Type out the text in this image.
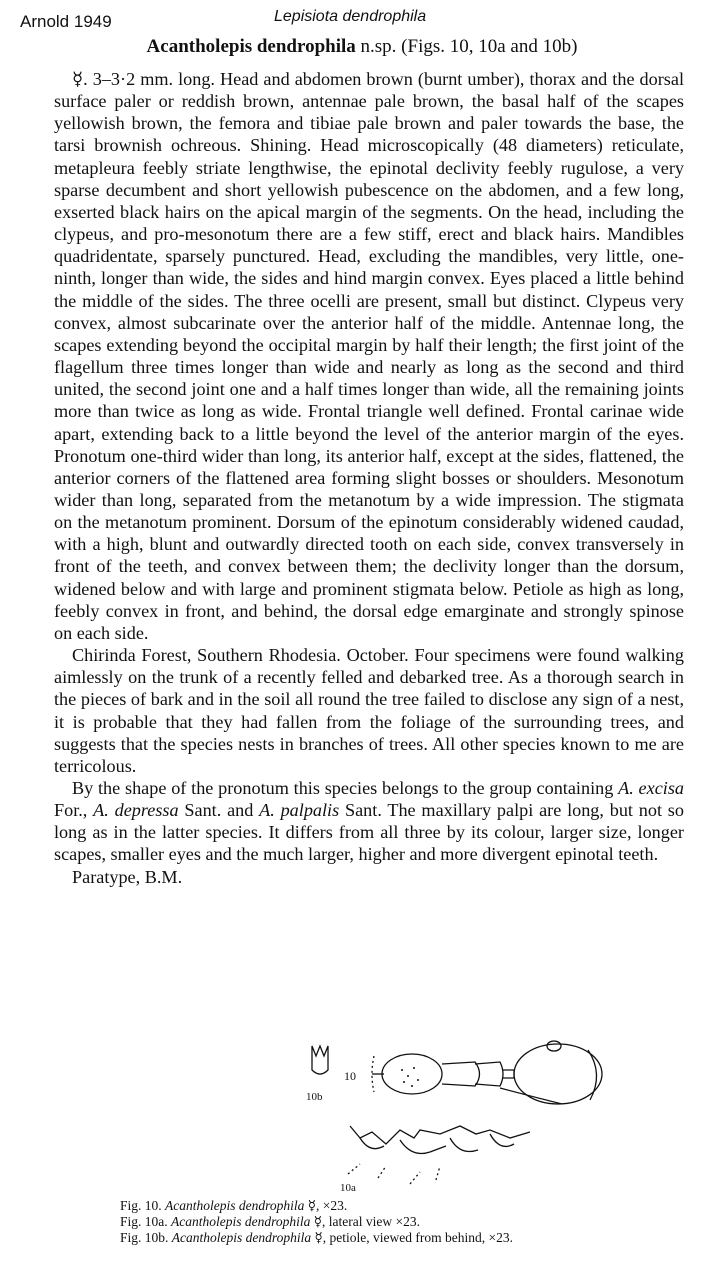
Arnold 1949	Lepisiota dendrophila
Acantholepis dendrophila n.sp. (Figs. 10, 10a and 10b)

☿. 3–3·2 mm. long. Head and abdomen brown (burnt umber), thorax and the dorsal surface paler or reddish brown, antennae pale brown, the basal half of the scapes yellowish brown, the femora and tibiae pale brown and paler towards the base, the tarsi brownish ochreous. Shining. Head microscopically (48 diameters) reticulate, metapleura feebly striate lengthwise, the epinotal declivity feebly rugulose, a very sparse decumbent and short yellowish pubescence on the abdomen, and a few long, exserted black hairs on the apical margin of the segments. On the head, including the clypeus, and pro-mesonotum there are a few stiff, erect and black hairs. Mandibles quadridentate, sparsely punctured. Head, excluding the mandibles, very little, one-ninth, longer than wide, the sides and hind margin convex. Eyes placed a little behind the middle of the sides. The three ocelli are present, small but distinct. Clypeus very convex, almost subcarinate over the anterior half of the middle. Antennae long, the scapes extending beyond the occipital margin by half their length; the first joint of the flagellum three times longer than wide and nearly as long as the second and third united, the second joint one and a half times longer than wide, all the remaining joints more than twice as long as wide. Frontal triangle well defined. Frontal carinae wide apart, extending back to a little beyond the level of the anterior margin of the eyes. Pronotum one-third wider than long, its anterior half, except at the sides, flattened, the anterior corners of the flattened area forming slight bosses or shoulders. Mesonotum wider than long, separated from the metanotum by a wide impression. The stigmata on the metanotum prominent. Dorsum of the epinotum considerably widened caudad, with a high, blunt and outwardly directed tooth on each side, convex transversely in front of the teeth, and convex between them; the declivity longer than the dorsum, widened below and with large and prominent stigmata below. Petiole as high as long, feebly convex in front, and behind, the dorsal edge emarginate and strongly spinose on each side.

Chirinda Forest, Southern Rhodesia. October. Four specimens were found walking aimlessly on the trunk of a recently felled and debarked tree. As a thorough search in the pieces of bark and in the soil all round the tree failed to disclose any sign of a nest, it is probable that they had fallen from the foliage of the surrounding trees, and suggests that the species nests in branches of trees. All other species known to me are terricolous.

By the shape of the pronotum this species belongs to the group containing A. excisa For., A. depressa Sant. and A. palpalis Sant. The maxillary palpi are long, but not so long as in the latter species. It differs from all three by its colour, larger size, longer scapes, smaller eyes and the much larger, higher and more divergent epinotal teeth.

Paratype, B.M.

10
10b
10a
Fig. 10. Acantholepis dendrophila ☿, ×23.
Fig. 10a. Acantholepis dendrophila ☿, lateral view ×23.
Fig. 10b. Acantholepis dendrophila ☿, petiole, viewed from behind, ×23.
